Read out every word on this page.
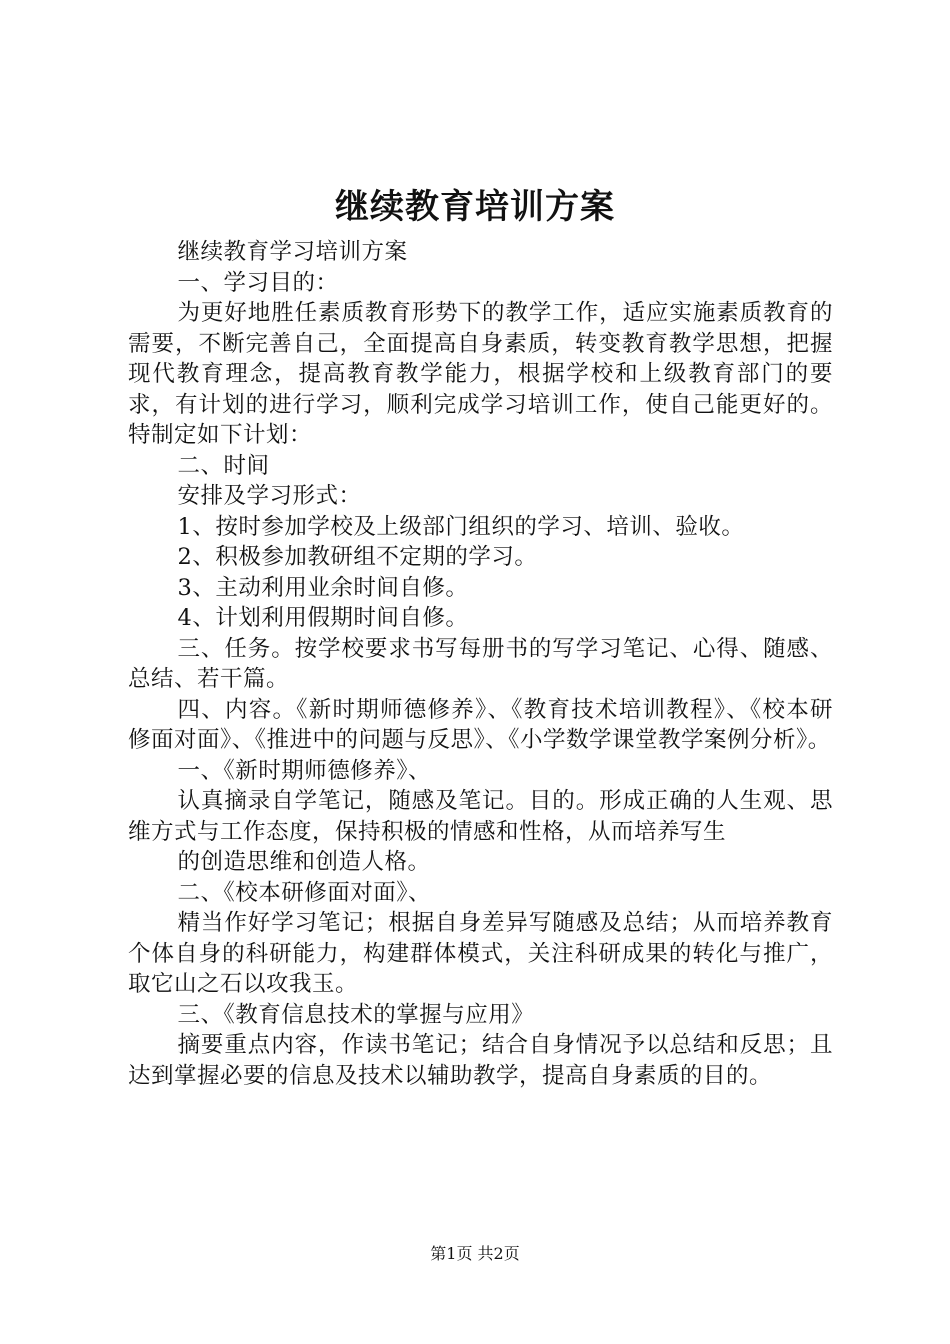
继续教育培训方案

继续教育学习培训方案

一、学习目的：

为更好地胜任素质教育形势下的教学工作，适应实施素质教育的需要，不断完善自己，全面提高自身素质，转变教育教学思想，把握现代教育理念，提高教育教学能力，根据学校和上级教育部门的要求，有计划的进行学习，顺利完成学习培训工作，使自己能更好的。特制定如下计划：

二、时间

安排及学习形式：

1、按时参加学校及上级部门组织的学习、培训、验收。

2、积极参加教研组不定期的学习。

3、主动利用业余时间自修。

4、计划利用假期时间自修。

三、任务。按学校要求书写每册书的写学习笔记、心得、随感、总结、若干篇。

四、内容。《新时期师德修养》、《教育技术培训教程》、《校本研修面对面》、《推进中的问题与反思》、《小学数学课堂教学案例分析》。

一、《新时期师德修养》、

认真摘录自学笔记，随感及笔记。目的。形成正确的人生观、思维方式与工作态度，保持积极的情感和性格，从而培养写生

的创造思维和创造人格。

二、《校本研修面对面》、

精当作好学习笔记；根据自身差异写随感及总结；从而培养教育个体自身的科研能力，构建群体模式，关注科研成果的转化与推广，取它山之石以攻我玉。

三、《教育信息技术的掌握与应用》

摘要重点内容，作读书笔记；结合自身情况予以总结和反思；且达到掌握必要的信息及技术以辅助教学，提高自身素质的目的。

第1页 共2页
